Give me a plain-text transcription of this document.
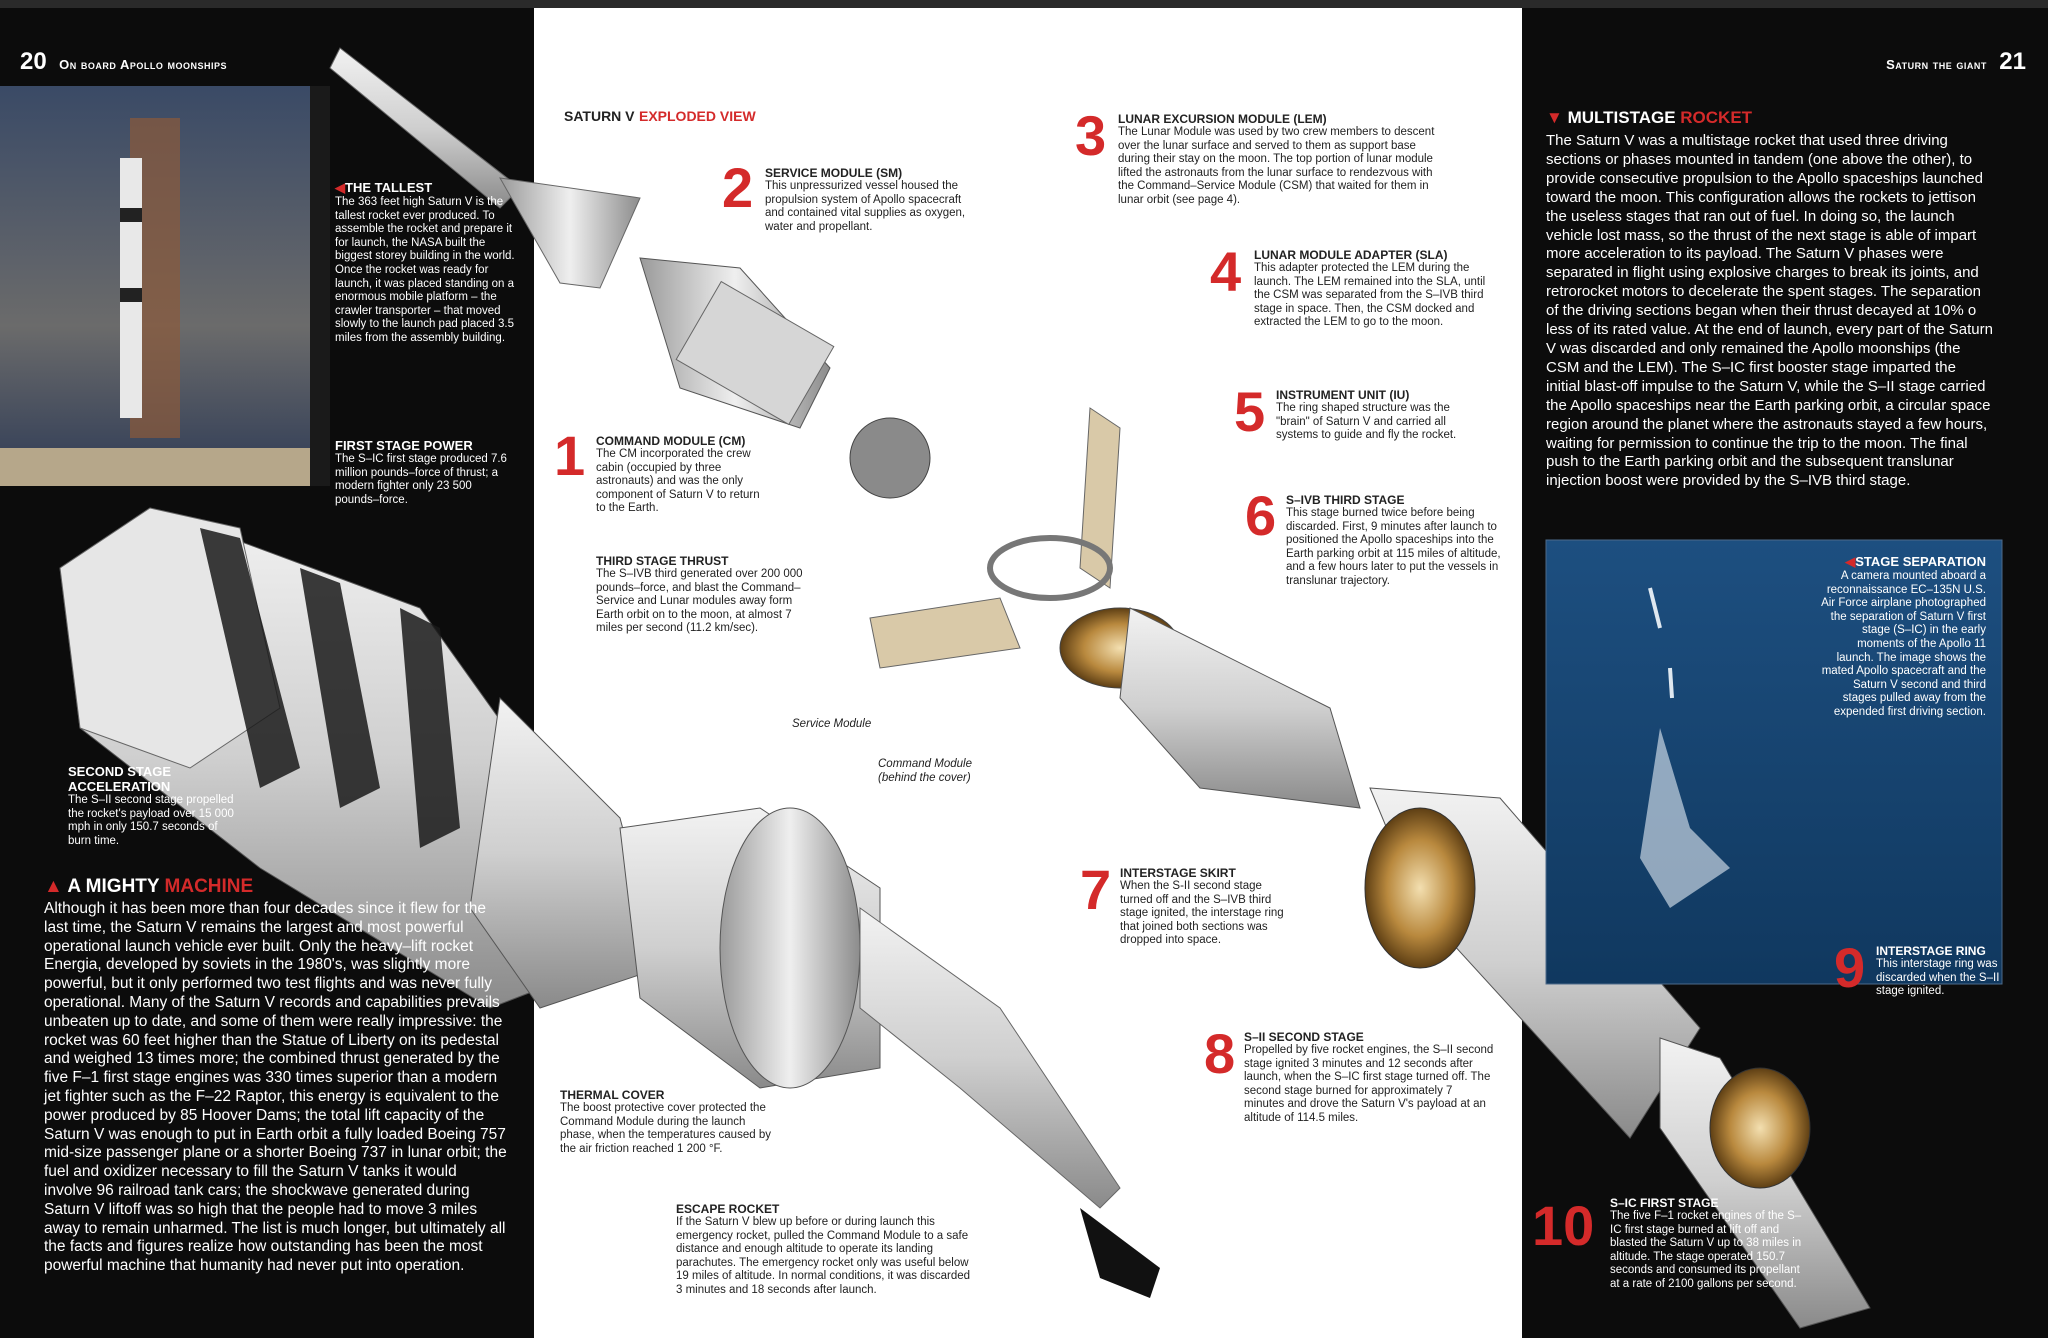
20 On board Apollo moonships	Saturn the giant 21
◀THE TALLEST
The 363 feet high Saturn V is the tallest rocket ever produced. To assemble the rocket and prepare it for launch, the NASA built the biggest storey building in the world. Once the rocket was ready for launch, it was placed standing on a enormous mobile platform – the crawler transporter – that moved slowly to the launch pad placed 3.5 miles from the assembly building.
FIRST STAGE POWER
The S–IC first stage produced 7.6 million pounds–force of thrust; a modern fighter only 23 500 pounds–force.
SECOND STAGE ACCELERATION
The S–II second stage propelled the rocket's payload over 15 000 mph in only 150.7 seconds of burn time.
▲ A MIGHTY MACHINE
Although it has been more than four decades since it flew for the last time, the Saturn V remains the largest and most powerful operational launch vehicle ever built. Only the heavy–lift rocket Energia, developed by soviets in the 1980's, was slightly more powerful, but it only performed two test flights and was never fully operational. Many of the Saturn V records and capabilities prevails unbeaten up to date, and some of them were really impressive: the rocket was 60 feet higher than the Statue of Liberty on its pedestal and weighed 13 times more; the combined thrust generated by the five F–1 first stage engines was 330 times superior than a modern jet fighter such as the F–22 Raptor, this energy is equivalent to the power produced by 85 Hoover Dams; the total lift capacity of the Saturn V was enough to put in Earth orbit a fully loaded Boeing 757 mid-size passenger plane or a shorter Boeing 737 in lunar orbit; the fuel and oxidizer necessary to fill the Saturn V tanks it would involve 96 railroad tank cars; the shockwave generated during Saturn V liftoff was so high that the people had to move 3 miles away to remain unharmed. The list is much longer, but ultimately all the facts and figures realize how outstanding has been the most powerful machine that humanity had never put into operation.
SATURN V EXPLODED VIEW
1 COMMAND MODULE (CM)
The CM incorporated the crew cabin (occupied by three astronauts) and was the only component of Saturn V to return to the Earth.
2 SERVICE MODULE (SM)
This unpressurized vessel housed the propulsion system of Apollo spacecraft and contained vital supplies as oxygen, water and propellant.
3 LUNAR EXCURSION MODULE (LEM)
The Lunar Module was used by two crew members to descent over the lunar surface and served to them as support base during their stay on the moon. The top portion of lunar module lifted the astronauts from the lunar surface to rendezvous with the Command–Service Module (CSM) that waited for them in lunar orbit (see page 4).
4 LUNAR MODULE ADAPTER (SLA)
This adapter protected the LEM during the launch. The LEM remained into the SLA, until the CSM was separated from the S–IVB third stage in space. Then, the CSM docked and extracted the LEM to go to the moon.
5 INSTRUMENT UNIT (IU)
The ring shaped structure was the "brain" of Saturn V and carried all systems to guide and fly the rocket.
6 S–IVB THIRD STAGE
This stage burned twice before being discarded. First, 9 minutes after launch to positioned the Apollo spaceships into the Earth parking orbit at 115 miles of altitude, and a few hours later to put the vessels in translunar trajectory.
7 INTERSTAGE SKIRT
When the S-II second stage turned off and the S–IVB third stage ignited, the interstage ring that joined both sections was dropped into space.
8 S–II SECOND STAGE
Propelled by five rocket engines, the S–II second stage ignited 3 minutes and 12 seconds after launch, when the S–IC first stage turned off. The second stage burned for approximately 7 minutes and drove the Saturn V's payload at an altitude of 114.5 miles.
THIRD STAGE THRUST
The S–IVB third generated over 200 000 pounds–force, and blast the Command–Service and Lunar modules away form Earth orbit on to the moon, at almost 7 miles per second (11.2 km/sec).
THERMAL COVER
The boost protective cover protected the Command Module during the launch phase, when the temperatures caused by the air friction reached 1 200 °F.
ESCAPE ROCKET
If the Saturn V blew up before or during launch this emergency rocket, pulled the Command Module to a safe distance and enough altitude to operate its landing parachutes. The emergency rocket only was useful below 19 miles of altitude. In normal conditions, it was discarded 3 minutes and 18 seconds after launch.
Service Module
Command Module (behind the cover)
▼ MULTISTAGE ROCKET
The Saturn V was a multistage rocket that used three driving sections or phases mounted in tandem (one above the other), to provide consecutive propulsion to the Apollo spaceships launched toward the moon. This configuration allows the rockets to jettison the useless stages that ran out of fuel. In doing so, the launch vehicle lost mass, so the thrust of the next stage is able of impart more acceleration to its payload. The Saturn V phases were separated in flight using explosive charges to break its joints, and retrorocket motors to decelerate the spent stages. The separation of the driving sections began when their thrust decayed at 10% o less of its rated value. At the end of launch, every part of the Saturn V was discarded and only remained the Apollo moonships (the CSM and the LEM). The S–IC first booster stage imparted the initial blast-off impulse to the Saturn V, while the S–II stage carried the Apollo spaceships near the Earth parking orbit, a circular space region around the planet where the astronauts stayed a few hours, waiting for permission to continue the trip to the moon. The final push to the Earth parking orbit and the subsequent translunar injection boost were provided by the S–IVB third stage.
◀STAGE SEPARATION
A camera mounted aboard a reconnaissance EC–135N U.S. Air Force airplane photographed the separation of Saturn V first stage (S–IC) in the early moments of the Apollo 11 launch. The image shows the mated Apollo spacecraft and the Saturn V second and third stages pulled away from the expended first driving section.
9 INTERSTAGE RING
This interstage ring was discarded when the S–II stage ignited.
10 S–IC FIRST STAGE
The five F–1 rocket engines of the S–IC first stage burned at lift off and blasted the Saturn V up to 38 miles in altitude. The stage operated 150.7 seconds and consumed its propellant at a rate of 2100 gallons per second.
